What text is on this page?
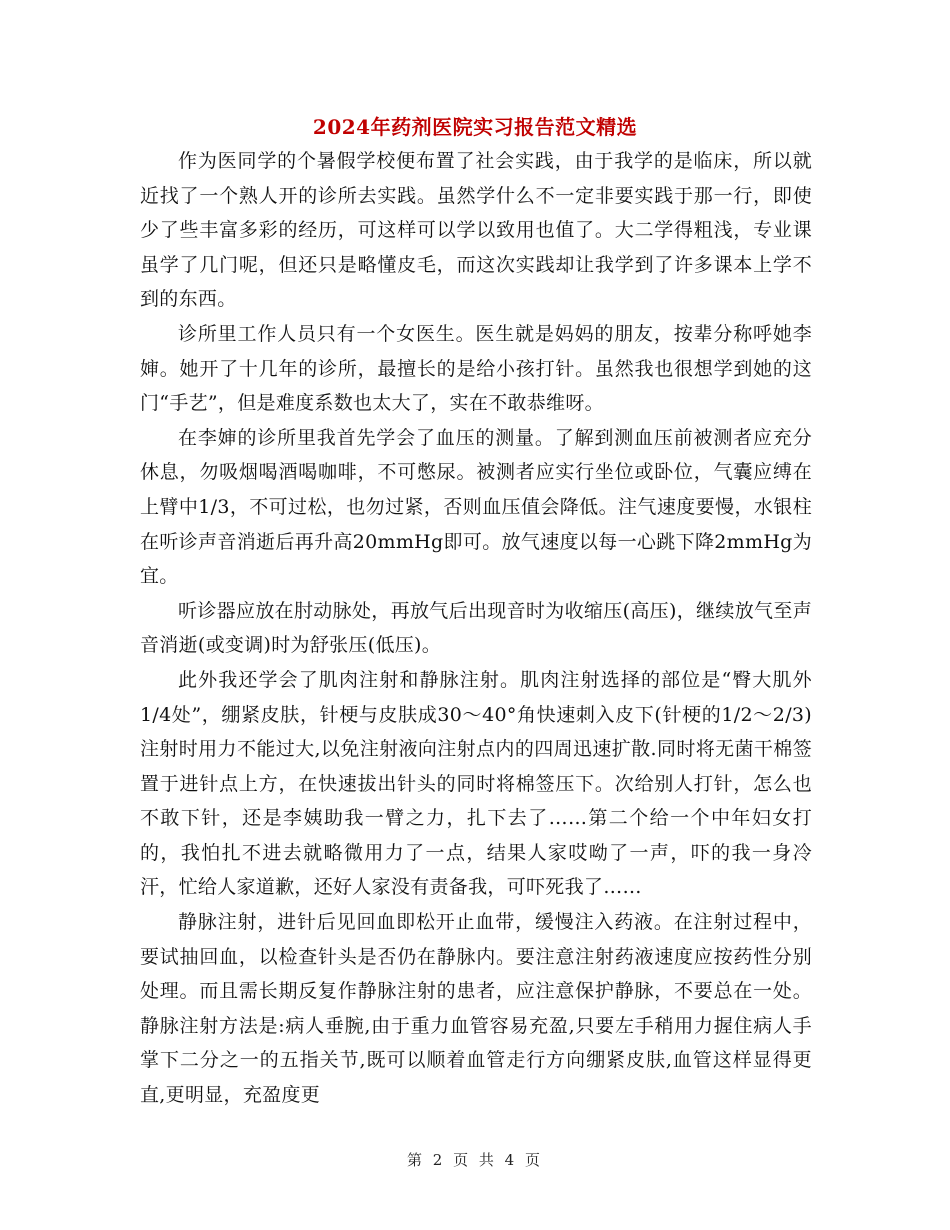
2024年药剂医院实习报告范文精选

作为医同学的个暑假学校便布置了社会实践，由于我学的是临床，所以就近找了一个熟人开的诊所去实践。虽然学什么不一定非要实践于那一行，即使少了些丰富多彩的经历，可这样可以学以致用也值了。大二学得粗浅，专业课虽学了几门呢，但还只是略懂皮毛，而这次实践却让我学到了许多课本上学不到的东西。

诊所里工作人员只有一个女医生。医生就是妈妈的朋友，按辈分称呼她李婶。她开了十几年的诊所，最擅长的是给小孩打针。虽然我也很想学到她的这门“手艺”，但是难度系数也太大了，实在不敢恭维呀。

在李婶的诊所里我首先学会了血压的测量。了解到测血压前被测者应充分休息，勿吸烟喝酒喝咖啡，不可憋尿。被测者应实行坐位或卧位，气囊应缚在上臂中1/3，不可过松，也勿过紧，否则血压值会降低。注气速度要慢，水银柱在听诊声音消逝后再升高20mmHg即可。放气速度以每一心跳下降2mmHg为宜。

听诊器应放在肘动脉处，再放气后出现音时为收缩压(高压)，继续放气至声音消逝(或变调)时为舒张压(低压)。

此外我还学会了肌肉注射和静脉注射。肌肉注射选择的部位是“臀大肌外1/4处”，绷紧皮肤，针梗与皮肤成30～40°角快速刺入皮下(针梗的1/2～2/3)注射时用力不能过大,以免注射液向注射点内的四周迅速扩散.同时将无菌干棉签置于进针点上方，在快速拔出针头的同时将棉签压下。次给别人打针，怎么也不敢下针，还是李姨助我一臂之力，扎下去了……第二个给一个中年妇女打的，我怕扎不进去就略微用力了一点，结果人家哎呦了一声，吓的我一身冷汗，忙给人家道歉，还好人家没有责备我，可吓死我了……

静脉注射，进针后见回血即松开止血带，缓慢注入药液。在注射过程中，要试抽回血，以检查针头是否仍在静脉内。要注意注射药液速度应按药性分别处理。而且需长期反复作静脉注射的患者，应注意保护静脉，不要总在一处。 静脉注射方法是:病人垂腕,由于重力血管容易充盈,只要左手稍用力握住病人手掌下二分之一的五指关节,既可以顺着血管走行方向绷紧皮肤,血管这样显得更直,更明显，充盈度更

第 2 页 共 4 页
